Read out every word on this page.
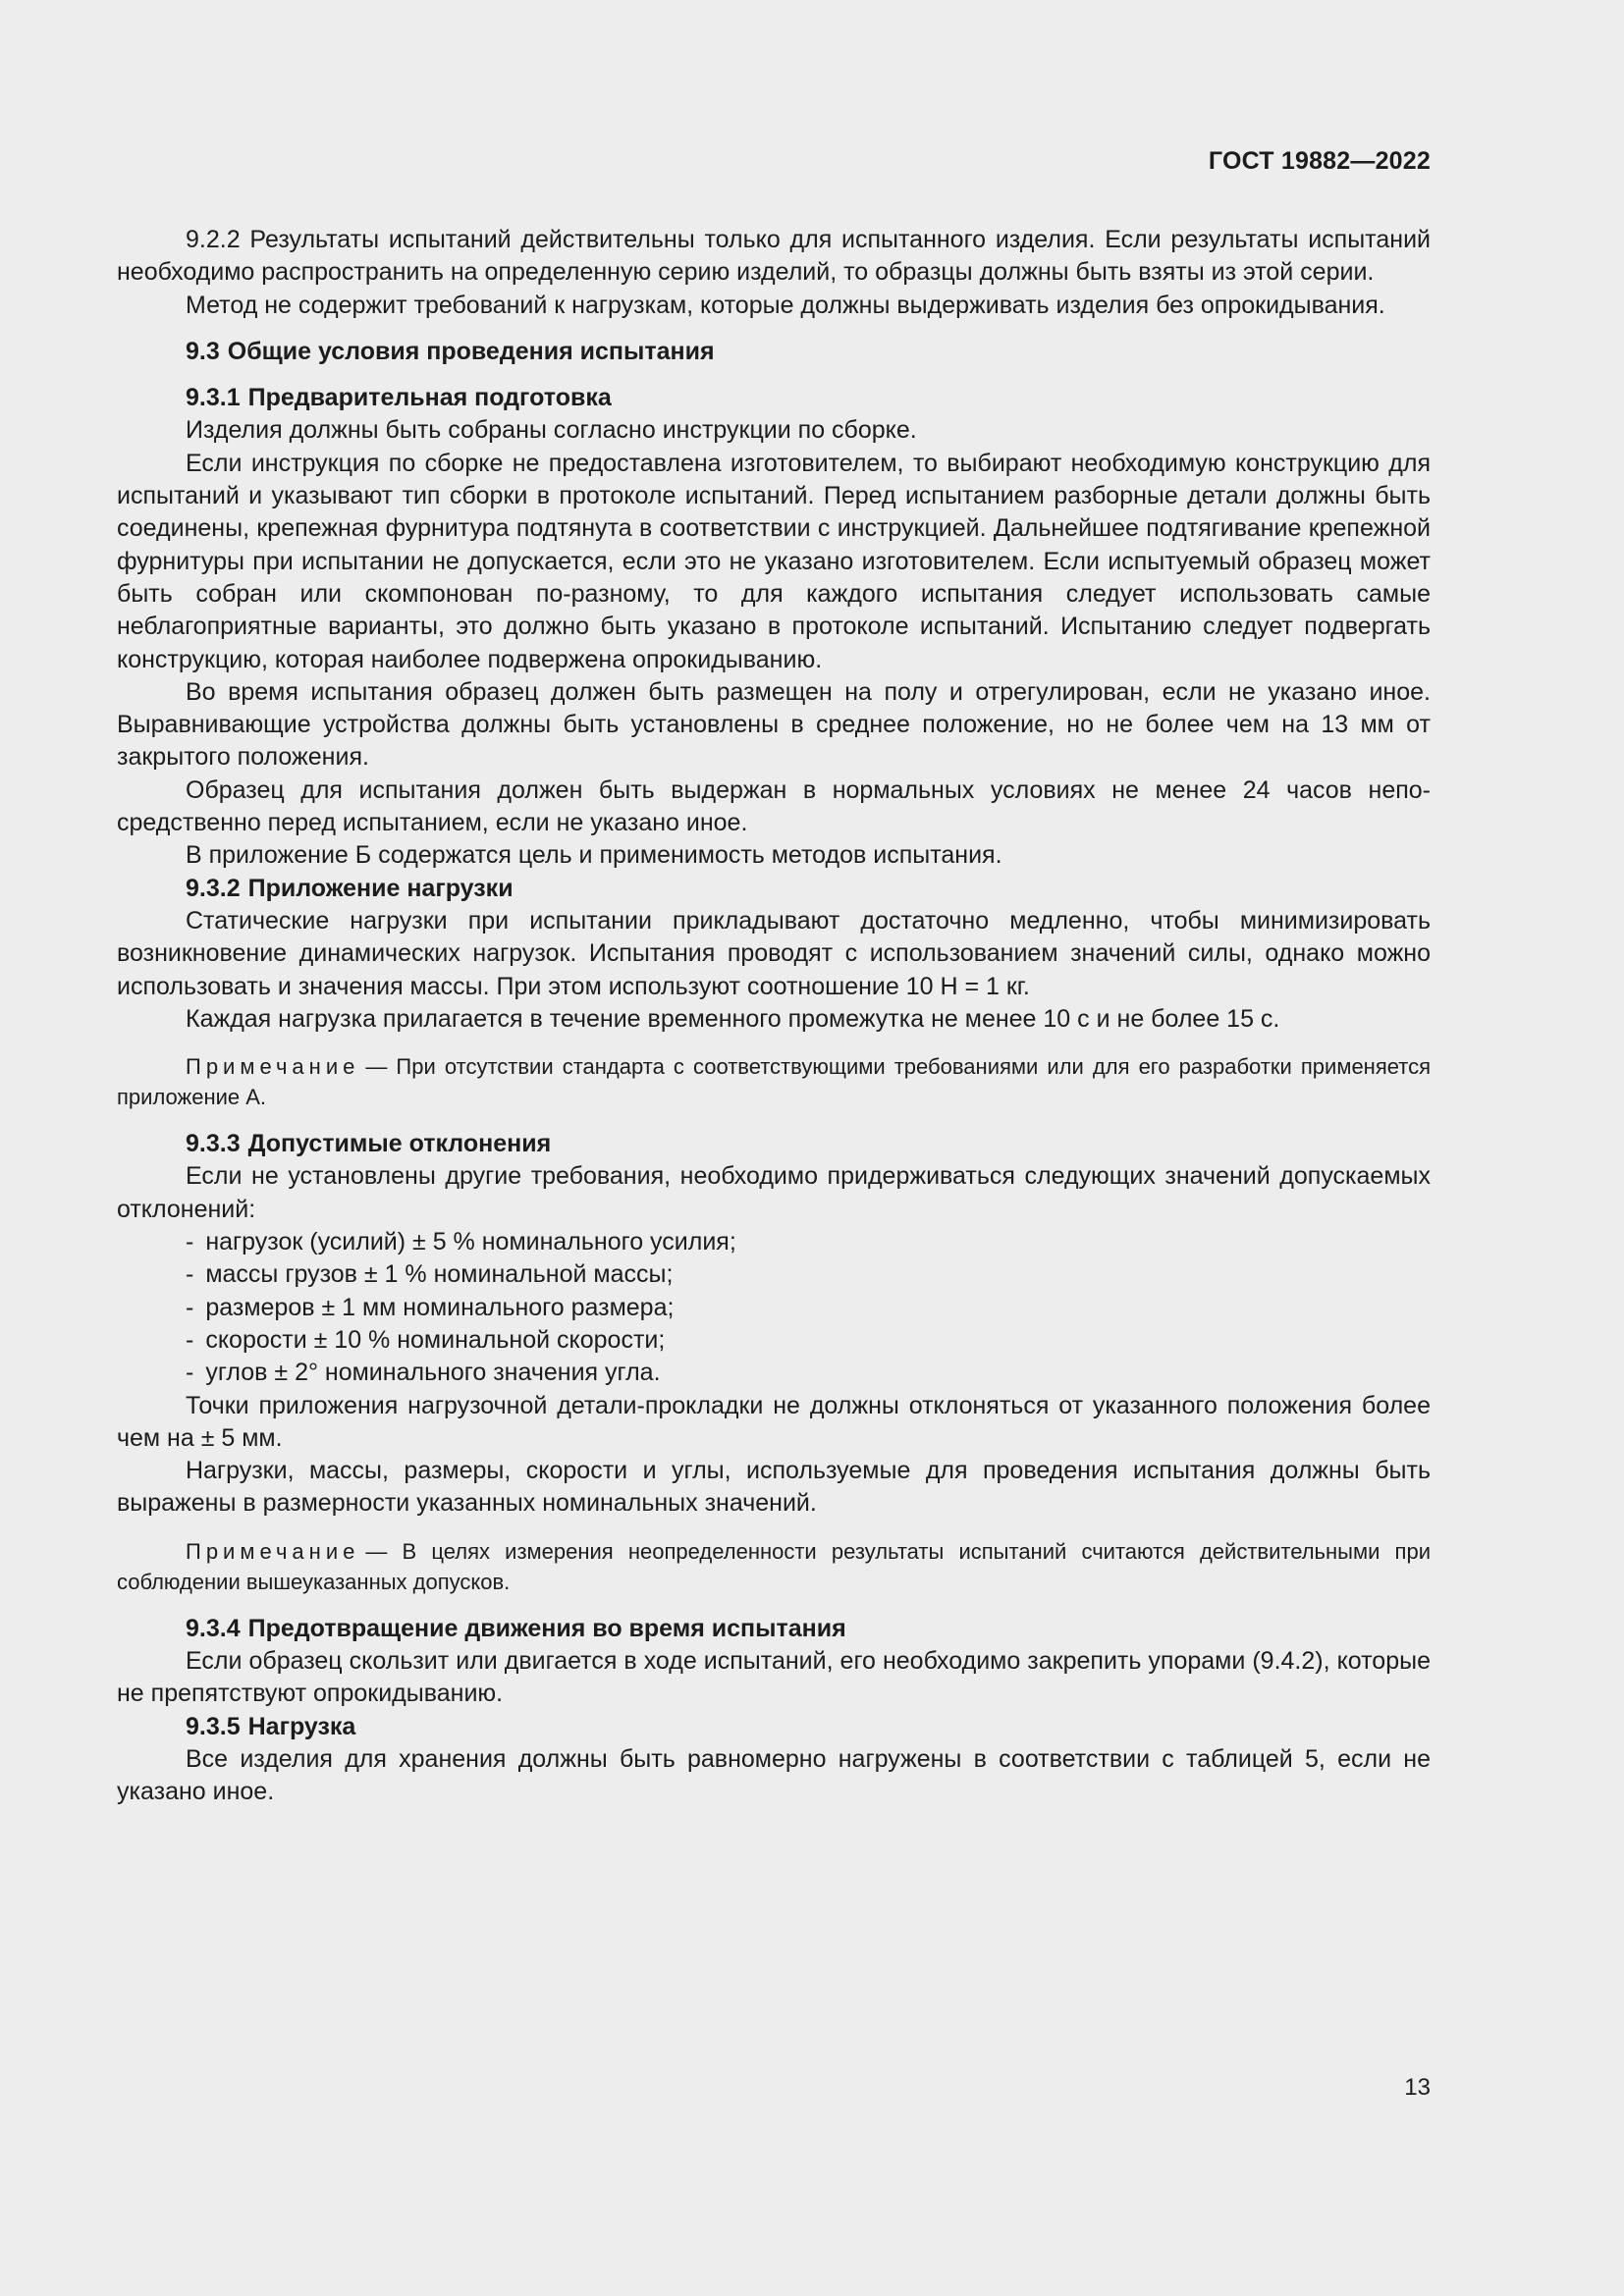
ГОСТ 19882—2022

9.2.2 Результаты испытаний действительны только для испытанного изделия. Если результаты испытаний необходимо распространить на определенную серию изделий, то образцы должны быть взяты из этой серии.

Метод не содержит требований к нагрузкам, которые должны выдерживать изделия без опрокидывания.

9.3 Общие условия проведения испытания

9.3.1 Предварительная подготовка

Изделия должны быть собраны согласно инструкции по сборке.

Если инструкция по сборке не предоставлена изготовителем, то выбирают необходимую конструкцию для испытаний и указывают тип сборки в протоколе испытаний. Перед испытанием разборные детали должны быть соединены, крепежная фурнитура подтянута в соответствии с инструкцией. Дальнейшее подтягивание крепежной фурнитуры при испытании не допускается, если это не указано изготовителем. Если испытуемый образец может быть собран или скомпонован по-разному, то для каждого испытания следует использовать самые неблагоприятные варианты, это должно быть указано в протоколе испытаний. Испытанию следует подвергать конструкцию, которая наиболее подвержена опрокидыванию.

Во время испытания образец должен быть размещен на полу и отрегулирован, если не указано иное. Выравнивающие устройства должны быть установлены в среднее положение, но не более чем на 13 мм от закрытого положения.

Образец для испытания должен быть выдержан в нормальных условиях не менее 24 часов непосредственно перед испытанием, если не указано иное.

В приложение Б содержатся цель и применимость методов испытания.

9.3.2 Приложение нагрузки

Статические нагрузки при испытании прикладывают достаточно медленно, чтобы минимизировать возникновение динамических нагрузок. Испытания проводят с использованием значений силы, однако можно использовать и значения массы. При этом используют соотношение 10 Н = 1 кг.

Каждая нагрузка прилагается в течение временного промежутка не менее 10 с и не более 15 с.

Примечание — При отсутствии стандарта с соответствующими требованиями или для его разработки применяется приложение А.

9.3.3 Допустимые отклонения

Если не установлены другие требования, необходимо придерживаться следующих значений допускаемых отклонений:

- нагрузок (усилий) ± 5 % номинального усилия;
- массы грузов ± 1 % номинальной массы;
- размеров ± 1 мм номинального размера;
- скорости ± 10 % номинальной скорости;
- углов ± 2° номинального значения угла.

Точки приложения нагрузочной детали-прокладки не должны отклоняться от указанного положения более чем на ± 5 мм.

Нагрузки, массы, размеры, скорости и углы, используемые для проведения испытания должны быть выражены в размерности указанных номинальных значений.

Примечание — В целях измерения неопределенности результаты испытаний считаются действительными при соблюдении вышеуказанных допусков.

9.3.4 Предотвращение движения во время испытания

Если образец скользит или двигается в ходе испытаний, его необходимо закрепить упорами (9.4.2), которые не препятствуют опрокидыванию.

9.3.5 Нагрузка

Все изделия для хранения должны быть равномерно нагружены в соответствии с таблицей 5, если не указано иное.

13
